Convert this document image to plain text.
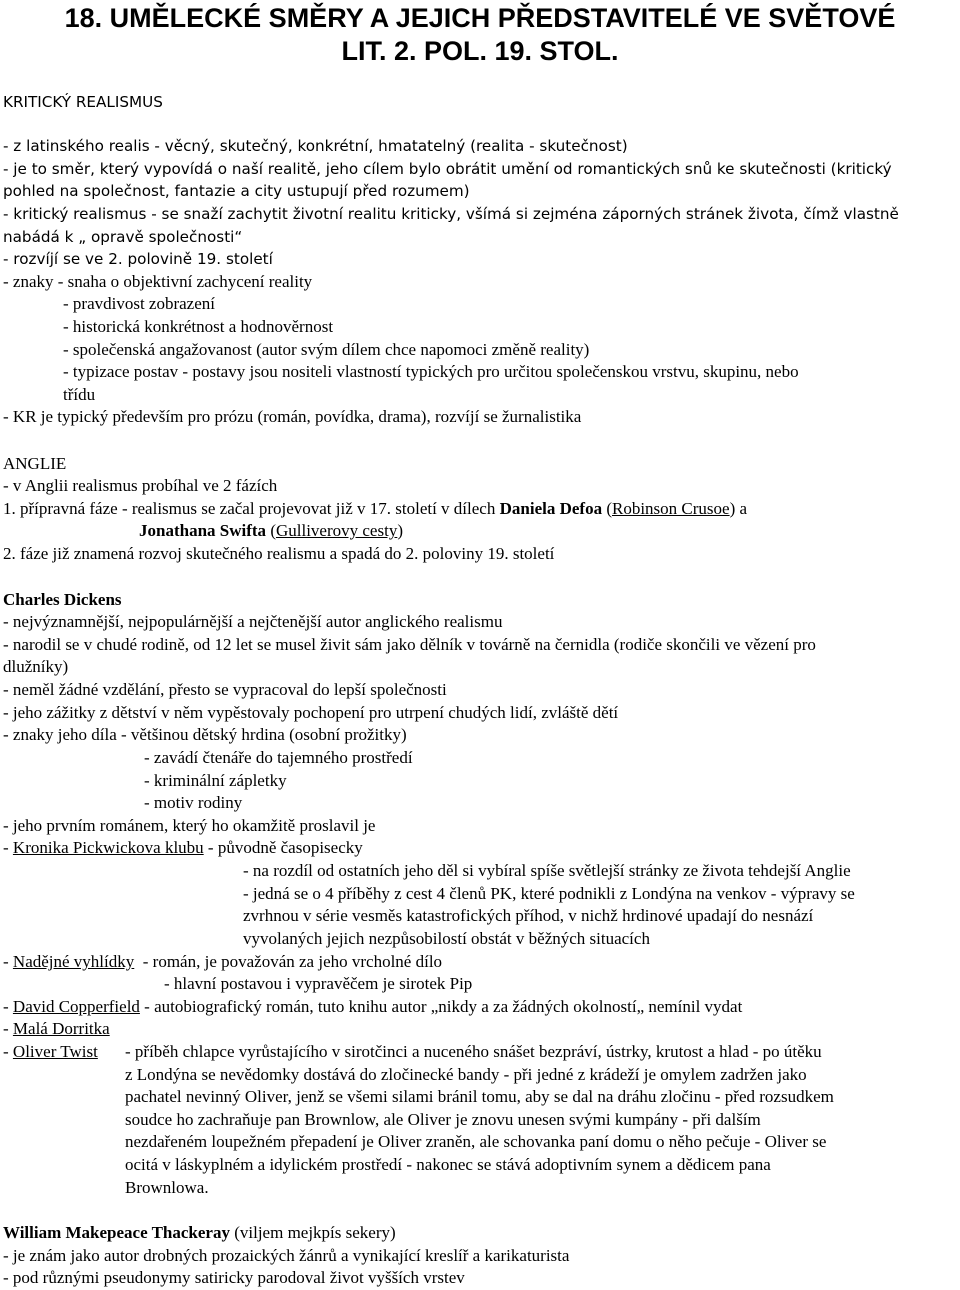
18. UMĚLECKÉ SMĚRY A JEJICH PŘEDSTAVITELÉ VE SVĚTOVÉ
LIT. 2. POL. 19. STOL.
KRITICKÝ REALISMUS
- z latinského realis - věcný, skutečný, konkrétní, hmatatelný (realita - skutečnost)
- je to směr, který vypovídá o naší realitě, jeho cílem bylo obrátit umění od romantických snů ke skutečnosti (kritický
pohled na společnost, fantazie a city ustupují před rozumem)
- kritický realismus - se snaží zachytit životní realitu kriticky, všímá si zejména záporných stránek života, čímž vlastně
nabádá k „ opravě společnosti“
- rozvíjí se ve 2. polovině 19. století
- znaky - snaha o objektivní zachycení reality
- pravdivost zobrazení
- historická konkrétnost a hodnověrnost
- společenská angažovanost (autor svým dílem chce napomoci změně reality)
- typizace postav - postavy jsou nositeli vlastností typických pro určitou společenskou vrstvu, skupinu, nebo
třídu
- KR je typický především pro prózu (román, povídka, drama), rozvíjí se žurnalistika
ANGLIE
- v Anglii realismus probíhal ve 2 fázích
1. přípravná fáze - realismus se začal projevovat již v 17. století v dílech Daniela Defoa (Robinson Crusoe) a
Jonathana Swifta (Gulliverovy cesty)
2. fáze již znamená rozvoj skutečného realismu a spadá do 2. poloviny 19. století
Charles Dickens
- nejvýznamnější, nejpopulárnější a nejčtenější autor anglického realismu
- narodil se v chudé rodině, od 12 let se musel živit sám jako dělník v továrně na černidla (rodiče skončili ve vězení pro
dlužníky)
- neměl žádné vzdělání, přesto se vypracoval do lepší společnosti
- jeho zážitky z dětství v něm vypěstovaly pochopení pro utrpení chudých lidí, zvláště dětí
- znaky jeho díla - většinou dětský hrdina (osobní prožitky)
- zavádí čtenáře do tajemného prostředí
- kriminální zápletky
- motiv rodiny
- jeho prvním románem, který ho okamžitě proslavil je
- Kronika Pickwickova klubu - původně časopisecky
- na rozdíl od ostatních jeho děl si vybíral spíše světlejší stránky ze života tehdejší Anglie
- jedná se o 4 příběhy z cest 4 členů PK, které podnikli z Londýna na venkov - výpravy se
zvrhnou v série vesměs katastrofických příhod, v nichž hrdinové upadají do nesnází
vyvolaných jejich nezpůsobilostí obstát v běžných situacích
- Nadějné vyhlídky  - román, je považován za jeho vrcholné dílo
- hlavní postavou i vypravěčem je sirotek Pip
- David Copperfield - autobiografický román, tuto knihu autor „nikdy a za žádných okolností„ nemínil vydat
- Malá Dorritka
- Oliver Twist - příběh chlapce vyrůstajícího v sirotčinci a nuceného snášet bezpráví, ústrky, krutost a hlad - po útěku
z Londýna se nevědomky dostává do zločinecké bandy - při jedné z krádeží je omylem zadržen jako
pachatel nevinný Oliver, jenž se všemi silami bránil tomu, aby se dal na dráhu zločinu - před rozsudkem
soudce ho zachraňuje pan Brownlow, ale Oliver je znovu unesen svými kumpány - při dalším
nezdařeném loupežném přepadení je Oliver zraněn, ale schovanka paní domu o něho pečuje - Oliver se
ocitá v láskyplném a idylickém prostředí - nakonec se stává adoptivním synem a dědicem pana
Brownlowa.
William Makepeace Thackeray (viljem mejkpís sekery)
- je znám jako autor drobných prozaických žánrů a vynikající kreslíř a karikaturista
- pod různými pseudonymy satiricky parodoval život vyšších vrstev
